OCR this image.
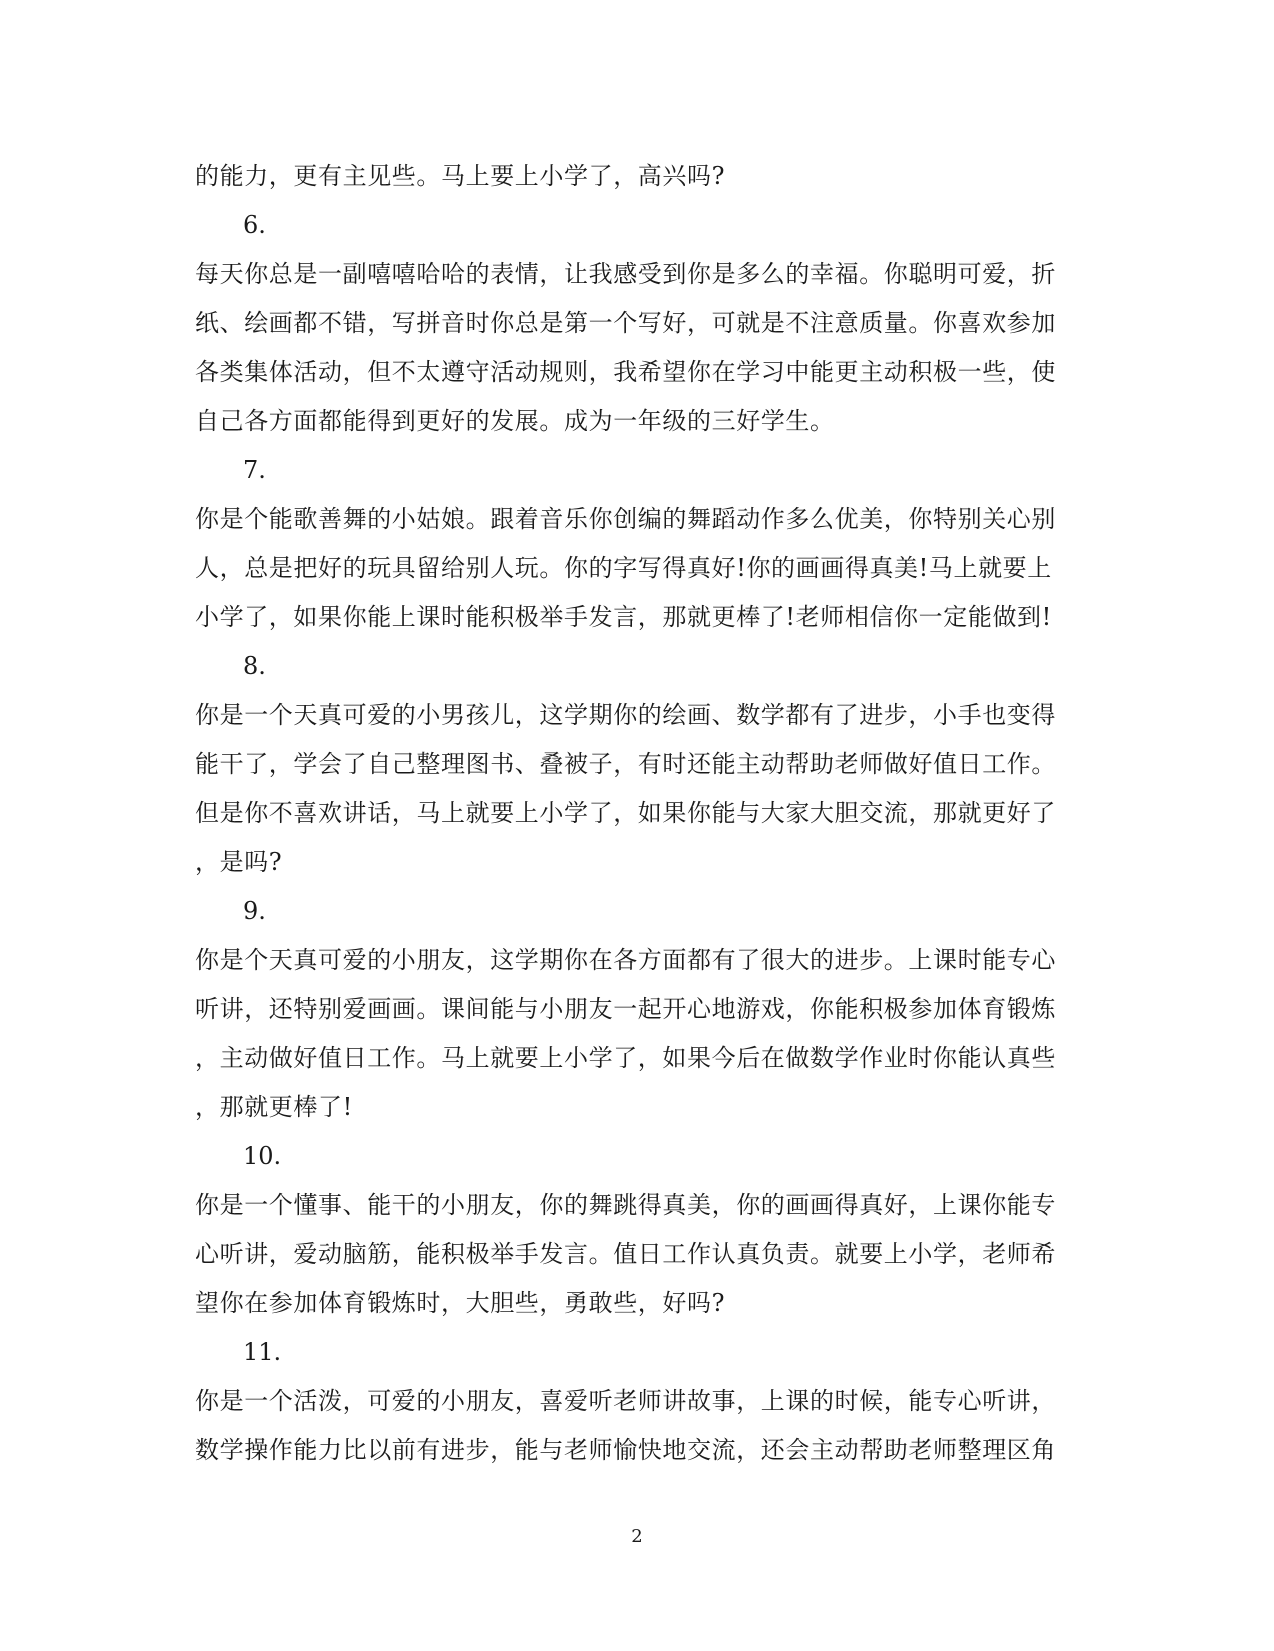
的能力，更有主见些。马上要上小学了，高兴吗?
6.
每天你总是一副嘻嘻哈哈的表情，让我感受到你是多么的幸福。你聪明可爱，折
纸、绘画都不错，写拼音时你总是第一个写好，可就是不注意质量。你喜欢参加
各类集体活动，但不太遵守活动规则，我希望你在学习中能更主动积极一些，使
自己各方面都能得到更好的发展。成为一年级的三好学生。
7.
你是个能歌善舞的小姑娘。跟着音乐你创编的舞蹈动作多么优美，你特别关心别
人，总是把好的玩具留给别人玩。你的字写得真好!你的画画得真美!马上就要上
小学了，如果你能上课时能积极举手发言，那就更棒了!老师相信你一定能做到!
8.
你是一个天真可爱的小男孩儿，这学期你的绘画、数学都有了进步，小手也变得
能干了，学会了自己整理图书、叠被子，有时还能主动帮助老师做好值日工作。
但是你不喜欢讲话，马上就要上小学了，如果你能与大家大胆交流，那就更好了
，是吗?
9.
你是个天真可爱的小朋友，这学期你在各方面都有了很大的进步。上课时能专心
听讲，还特别爱画画。课间能与小朋友一起开心地游戏，你能积极参加体育锻炼
，主动做好值日工作。马上就要上小学了，如果今后在做数学作业时你能认真些
，那就更棒了!
10.
你是一个懂事、能干的小朋友，你的舞跳得真美，你的画画得真好，上课你能专
心听讲，爱动脑筋，能积极举手发言。值日工作认真负责。就要上小学，老师希
望你在参加体育锻炼时，大胆些，勇敢些，好吗?
11.
你是一个活泼，可爱的小朋友，喜爱听老师讲故事，上课的时候，能专心听讲，
数学操作能力比以前有进步，能与老师愉快地交流，还会主动帮助老师整理区角
2
